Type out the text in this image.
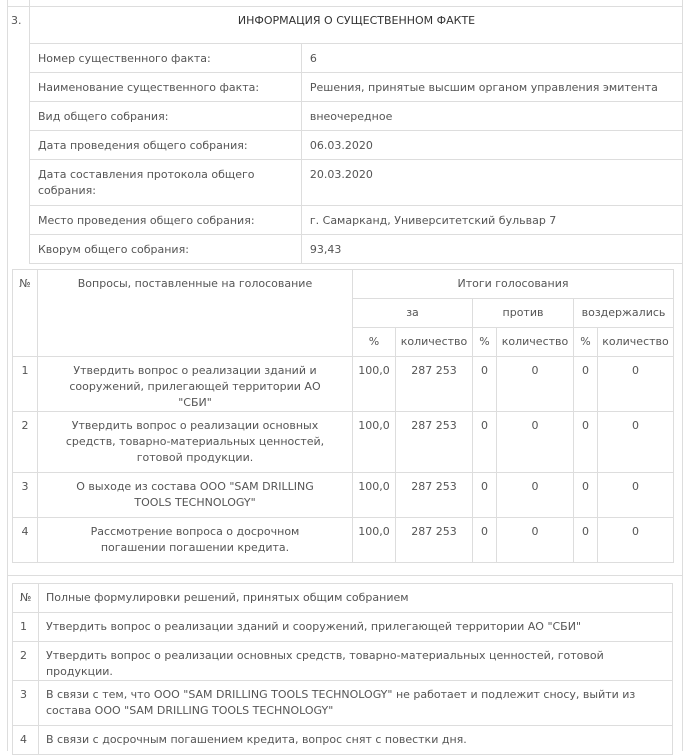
3.	ИНФОРМАЦИЯ О СУЩЕСТВЕННОМ ФАКТЕ
Номер существенного факта:	6

Наименование существенного факта:	Решения, принятые высшим органом управления эмитента

Вид общего собрания:	внеочередное

Дата проведения общего собрания:	06.03.2020

Дата составления протокола общего собрания:	20.03.2020

Место проведения общего собрания:	г. Самарканд, Университетский бульвар 7

Кворум общего собрания:	93,43
№	Вопросы, поставленные на голосование	Итоги голосования					
		за		против		воздержались	
		%	количество	%	количество	%	количество
1	Утвердить вопрос о реализации зданий и сооружений, прилегающей территории АО "СБИ"	100,0	287 253	0	0	0	0
2	Утвердить вопрос о реализации основных средств, товарно-материальных ценностей, готовой продукции.	100,0	287 253	0	0	0	0
3	О выходе из состава ООО "SAM DRILLING TOOLS TECHNOLOGY"	100,0	287 253	0	0	0	0
4	Рассмотрение вопроса о досрочном погашении погашении кредита.	100,0	287 253	0	0	0	0
№	Полные формулировки решений, принятых общим собранием
1	Утвердить вопрос о реализации зданий и сооружений, прилегающей территории АО "СБИ"
2	Утвердить вопрос о реализации основных средств, товарно-материальных ценностей, готовой продукции.
3	В связи с тем, что ООО "SAM DRILLING TOOLS TECHNOLOGY" не работает и подлежит сносу, выйти из состава ООО "SAM DRILLING TOOLS TECHNOLOGY"
4	В связи с досрочным погашением кредита, вопрос снят с повестки дня.
